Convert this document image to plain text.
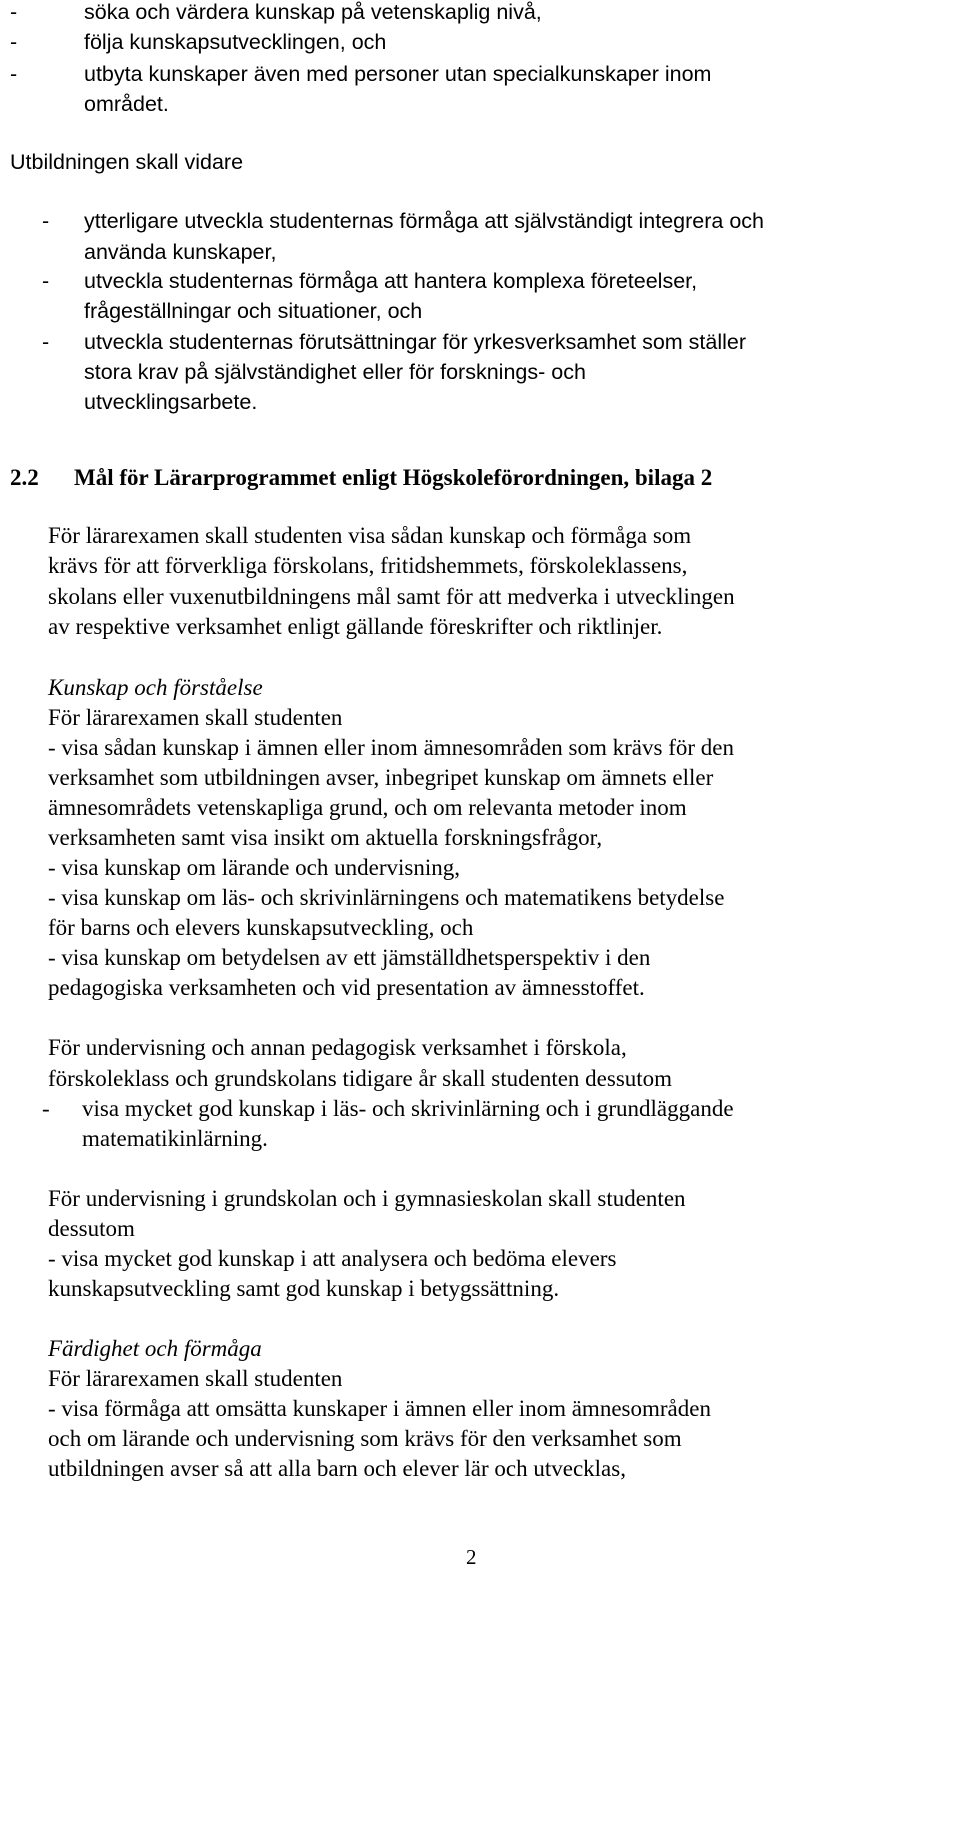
-	söka och värdera kunskap på vetenskaplig nivå,
-	följa kunskapsutvecklingen, och
-	utbyta kunskaper även med personer utan specialkunskaper inom
området.
Utbildningen skall vidare
- ytterligare utveckla studenternas förmåga att självständigt integrera och
använda kunskaper,
- utveckla studenternas förmåga att hantera komplexa företeelser,
frågeställningar och situationer, och
- utveckla studenternas förutsättningar för yrkesverksamhet som ställer
stora krav på självständighet eller för forsknings- och
utvecklingsarbete.
2.2 Mål för Lärarprogrammet enligt Högskoleförordningen, bilaga 2
För lärarexamen skall studenten visa sådan kunskap och förmåga som
krävs för att förverkliga förskolans, fritidshemmets, förskoleklassens,
skolans eller vuxenutbildningens mål samt för att medverka i utvecklingen
av respektive verksamhet enligt gällande föreskrifter och riktlinjer.
Kunskap och förståelse
För lärarexamen skall studenten
- visa sådan kunskap i ämnen eller inom ämnesområden som krävs för den
verksamhet som utbildningen avser, inbegripet kunskap om ämnets eller
ämnesområdets vetenskapliga grund, och om relevanta metoder inom
verksamheten samt visa insikt om aktuella forskningsfrågor,
- visa kunskap om lärande och undervisning,
- visa kunskap om läs- och skrivinlärningens och matematikens betydelse
för barns och elevers kunskapsutveckling, och
- visa kunskap om betydelsen av ett jämställdhetsperspektiv i den
pedagogiska verksamheten och vid presentation av ämnesstoffet.
För undervisning och annan pedagogisk verksamhet i förskola,
förskoleklass och grundskolans tidigare år skall studenten dessutom
- visa mycket god kunskap i läs- och skrivinlärning och i grundläggande
matematikinlärning.
För undervisning i grundskolan och i gymnasieskolan skall studenten
dessutom
- visa mycket god kunskap i att analysera och bedöma elevers
kunskapsutveckling samt god kunskap i betygssättning.
Färdighet och förmåga
För lärarexamen skall studenten
- visa förmåga att omsätta kunskaper i ämnen eller inom ämnesområden
och om lärande och undervisning som krävs för den verksamhet som
utbildningen avser så att alla barn och elever lär och utvecklas,
2
